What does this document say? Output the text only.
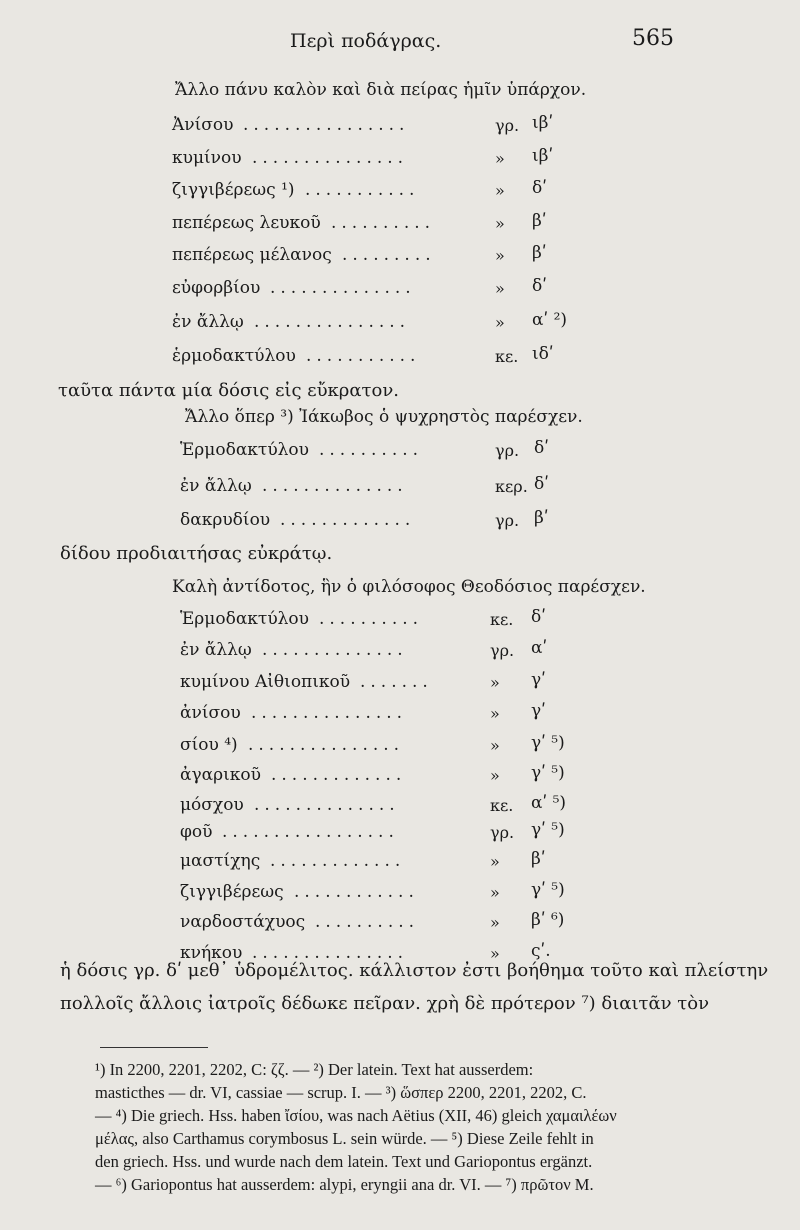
Περὶ ποδάγρας.	565
Ἄλλο πάνυ καλὸν καὶ διὰ πείρας ἡμῖν ὑπάρχον.
Ἀνίσου ................	γρ. ιβʹ
κυμίνου ...............	» ιβʹ
ζιγγιβέρεως ¹) ...........	» δʹ
πεπέρεως λευκοῦ ..........	» βʹ
πεπέρεως μέλανος .........	» βʹ
εὐφορβίου ..............	» δʹ
ἐν ἄλλῳ ...............	» αʹ ²)
ἑρμοδακτύλου ...........	κε. ιδʹ
ταῦτα πάντα μία δόσις εἰς εὔκρατον.
Ἄλλο ὅπερ ³) Ἰάκωβος ὁ ψυχρηστὸς παρέσχεν.
Ἑρμοδακτύλου ..........	γρ. δʹ
ἐν ἄλλῳ ..............	κερ. δʹ
δακρυδίου .............	γρ. βʹ
δίδου προδιαιτήσας εὐκράτῳ.
Καλὴ ἀντίδοτος, ἣν ὁ φιλόσοφος Θεοδόσιος παρέσχεν.
Ἑρμοδακτύλου ..........	κε. δʹ
ἐν ἄλλῳ ..............	γρ. αʹ
κυμίνου Αἰθιοπικοῦ .......	» γʹ
ἀνίσου ...............	» γʹ
σίου ⁴) ...............	» γʹ ⁵)
ἀγαρικοῦ .............	» γʹ ⁵)
μόσχου ..............	κε. αʹ ⁵)
φοῦ .................	γρ. γʹ ⁵)
μαστίχης .............	» βʹ
ζιγγιβέρεως ............	» γʹ ⁵)
ναρδοστάχυος ..........	» βʹ ⁶)
κνήκου ...............	» ςʹ.
ἡ δόσις γρ. δʹ μεθ᾽ ὑδρομέλιτος. κάλλιστον ἐστι βοήθημα τοῦτο καὶ πλείστην
πολλοῖς ἄλλοις ἰατροῖς δέδωκε πεῖραν. χρὴ δὲ πρότερον ⁷) διαιτᾶν τὸν
¹) In 2200, 2201, 2202, C: ζζ. — ²) Der latein. Text hat ausserdem:
masticthes — dr. VI, cassiae — scrup. I. — ³) ὥσπερ 2200, 2201, 2202, C.
— ⁴) Die griech. Hss. haben ἴσίου, was nach Aëtius (XII, 46) gleich χαμαιλέων
μέλας, also Carthamus corymbosus L. sein würde. — ⁵) Diese Zeile fehlt in
den griech. Hss. und wurde nach dem latein. Text und Gariopontus ergänzt.
— ⁶) Gariopontus hat ausserdem: alypi, eryngii ana dr. VI. — ⁷) πρῶτον M.
